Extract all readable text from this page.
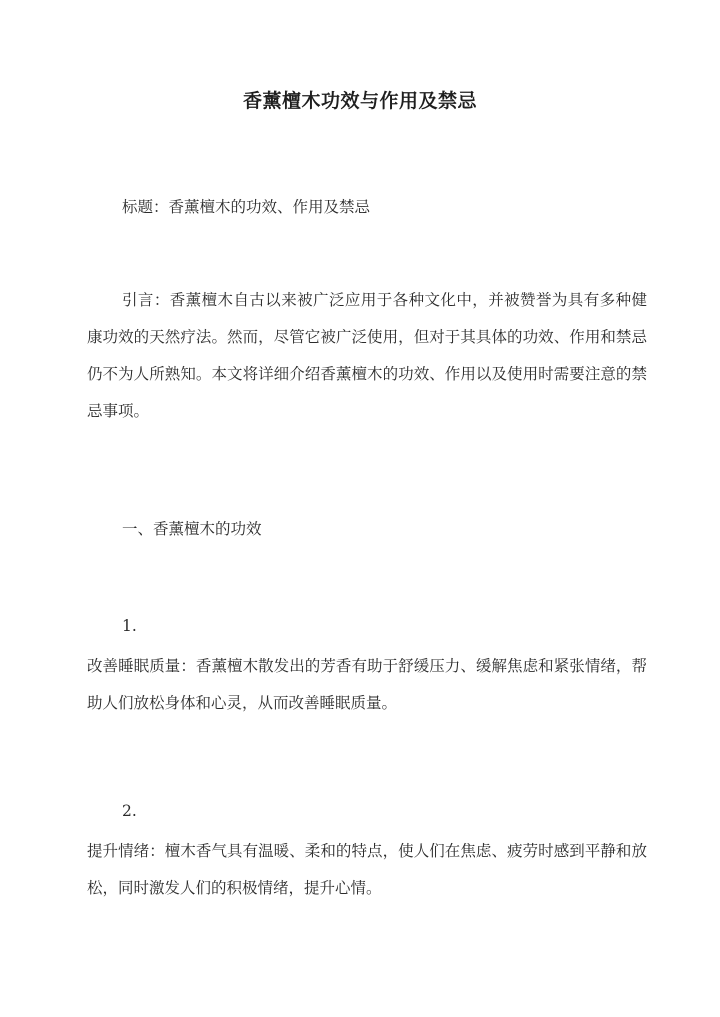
香薰檀木功效与作用及禁忌

标题：香薰檀木的功效、作用及禁忌

引言：香薰檀木自古以来被广泛应用于各种文化中，并被赞誉为具有多种健康功效的天然疗法。然而，尽管它被广泛使用，但对于其具体的功效、作用和禁忌仍不为人所熟知。本文将详细介绍香薰檀木的功效、作用以及使用时需要注意的禁忌事项。

一、香薰檀木的功效

1.

改善睡眠质量：香薰檀木散发出的芳香有助于舒缓压力、缓解焦虑和紧张情绪，帮助人们放松身体和心灵，从而改善睡眠质量。

2.

提升情绪：檀木香气具有温暖、柔和的特点，使人们在焦虑、疲劳时感到平静和放松，同时激发人们的积极情绪，提升心情。
